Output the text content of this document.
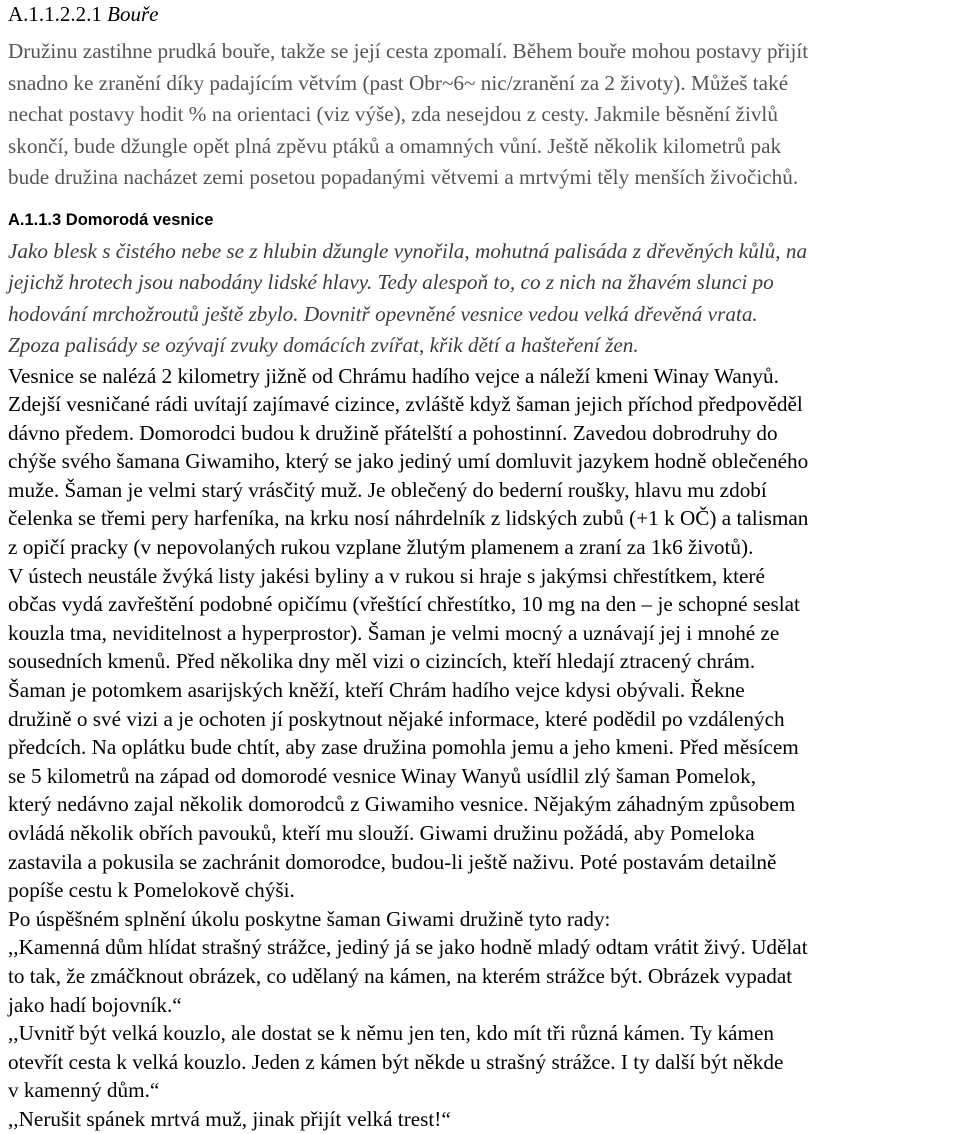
A.1.1.2.2.1 Bouře
Družinu zastihne prudká bouře, takže se její cesta zpomalí. Během bouře mohou postavy přijít
snadno ke zranění díky padajícím větvím (past Obr~6~ nic/zranění za 2 životy). Můžeš také
nechat postavy hodit % na orientaci (viz výše), zda nesejdou z cesty. Jakmile běsnění živlů
skončí, bude džungle opět plná zpěvu ptáků a omamných vůní. Ještě několik kilometrů pak
bude družina nacházet zemi posetou popadanými větvemi a mrtvými těly menších živočichů.
A.1.1.3 Domorodá vesnice
Jako blesk s čistého nebe se z hlubin džungle vynořila, mohutná palisáda z dřevěných kůlů, na
jejichž hrotech jsou nabodány lidské hlavy. Tedy alespoň to, co z nich na žhavém slunci po
hodování mrchožroutů ještě zbylo. Dovnitř opevněné vesnice vedou velká dřevěná vrata.
Zpoza palisády se ozývají zvuky domácích zvířat, křik dětí a hašteření žen.
Vesnice se nalézá 2 kilometry jižně od Chrámu hadího vejce a náleží kmeni Winay Wanyů.
Zdejší vesničané rádi uvítají zajímavé cizince, zvláště když šaman jejich příchod předpověděl
dávno předem. Domorodci budou k družině přátelští a pohostinní. Zavedou dobrodruhy do
chýše svého šamana Giwamiho, který se jako jediný umí domluvit jazykem hodně oblečeného
muže. Šaman je velmi starý vrásčitý muž. Je oblečený do bederní roušky, hlavu mu zdobí
čelenka se třemi pery harfeníka, na krku nosí náhrdelník z lidských zubů (+1 k OČ) a talisman
z opičí pracky (v nepovolaných rukou vzplane žlutým plamenem a zraní za 1k6 životů).
V ústech neustále žvýká listy jakési byliny a v rukou si hraje s jakýmsi chřestítkem, které
občas vydá zavřeštění podobné opičímu (vřeštící chřestítko, 10 mg na den – je schopné seslat
kouzla tma, neviditelnost a hyperprostor). Šaman je velmi mocný a uznávají jej i mnohé ze
sousedních kmenů. Před několika dny měl vizi o cizincích, kteří hledají ztracený chrám.
Šaman je potomkem asarijských kněží, kteří Chrám hadího vejce kdysi obývali. Řekne
družině o své vizi a je ochoten jí poskytnout nějaké informace, které podědil po vzdálených
předcích. Na oplátku bude chtít, aby zase družina pomohla jemu a jeho kmeni. Před měsícem
se 5 kilometrů na západ od domorodé vesnice Winay Wanyů usídlil zlý šaman Pomelok,
který nedávno zajal několik domorodců z Giwamiho vesnice. Nějakým záhadným způsobem
ovládá několik obřích pavouků, kteří mu slouží. Giwami družinu požádá, aby Pomeloka
zastavila a pokusila se zachránit domorodce, budou-li ještě naživu. Poté postavám detailně
popíše cestu k Pomelokově chýši.
Po úspěšném splnění úkolu poskytne šaman Giwami družině tyto rady:
,,Kamenná dům hlídat strašný strážce, jediný já se jako hodně mladý odtam vrátit živý. Udělat
to tak, že zmáčknout obrázek, co udělaný na kámen, na kterém strážce být. Obrázek vypadat
jako hadí bojovník.“
,,Uvnitř být velká kouzlo, ale dostat se k němu jen ten, kdo mít tři různá kámen. Ty kámen
otevřít cesta k velká kouzlo. Jeden z kámen být někde u strašný strážce. I ty další být někde
v kamenný dům.“
,,Nerušit spánek mrtvá muž, jinak přijít velká trest!“
